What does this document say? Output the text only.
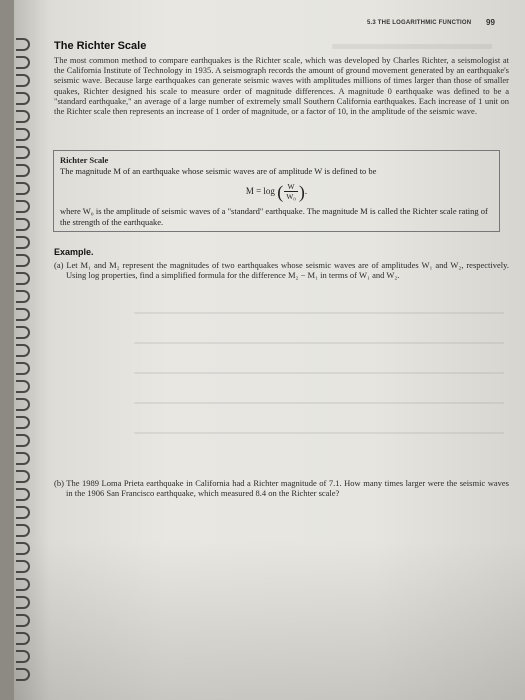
5.3 THE LOGARITHMIC FUNCTION 99
The Richter Scale

The most common method to compare earthquakes is the Richter scale, which was developed by Charles Richter, a seismologist at the California Institute of Technology in 1935. A seismograph records the amount of ground movement generated by an earthquake's seismic wave. Because large earthquakes can generate seismic waves with amplitudes millions of times larger than those of smaller quakes, Richter designed his scale to measure order of magnitude differences. A magnitude 0 earthquake was defined to be a "standard earthquake," an average of a large number of extremely small Southern California earthquakes. Each increase of 1 unit on the Richter scale then represents an increase of 1 order of magnitude, or a factor of 10, in the amplitude of the seismic wave.

Richter Scale
The magnitude M of an earthquake whose seismic waves are of amplitude W is defined to be
M = log ( $\frac{W}{\text{W₀}}$ ).

where W₀ is the amplitude of seismic waves of a "standard" earthquake. The magnitude M is called the Richter scale rating of the strength of the earthquake.

Example.

(a) Let M₁ and M₂ represent the magnitudes of two earthquakes whose seismic waves are of amplitudes W₁ and W₂, respectively. Using log properties, find a simplified formula for the difference M₂ − M₁ in terms of W₁ and W₂.

(b) The 1989 Loma Prieta earthquake in California had a Richter magnitude of 7.1. How many times larger were the seismic waves in the 1906 San Francisco earthquake, which measured 8.4 on the Richter scale?
